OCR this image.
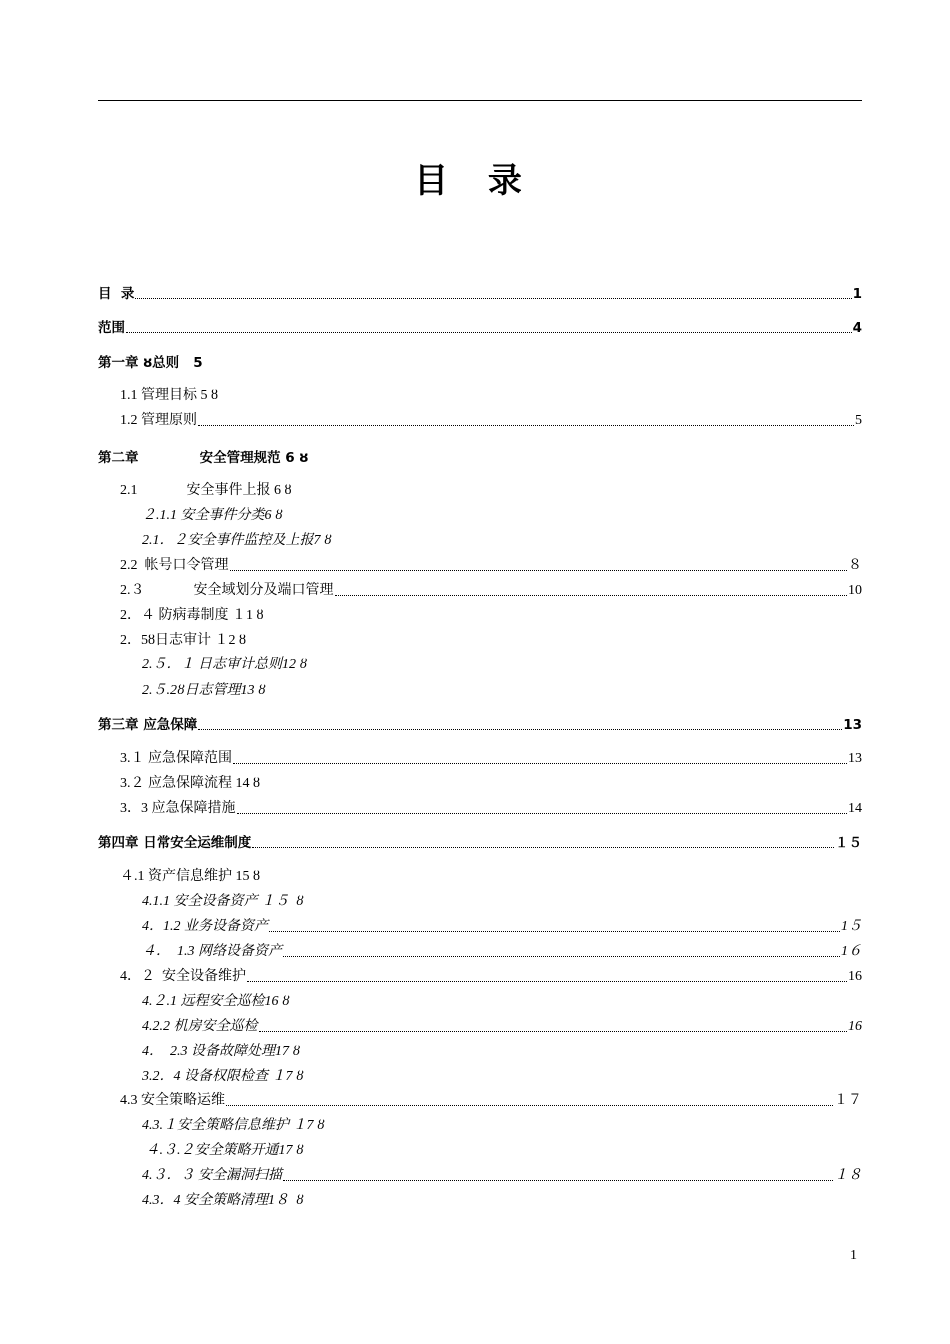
目 录
目  录	1
范围	4
第一章 ȣ总则   5
1.1 管理目标 5 ȣ
1.2 管理原则	5
第二章             安全管理规范 6 ȣ
2.1              安全事件上报 6 ȣ
２.1.1 安全事件分类6 ȣ
2.1．２安全事件监控及上报7 ȣ
2.2  帐号口令管理	８
2.３              安全域划分及端口管理	10
2．４ 防病毒制度 １1 ȣ
2．5ȣ日志审计 １2 ȣ
2.５．１ 日志审计总则12 ȣ
2.５.2ȣ日志管理13 ȣ
第三章 应急保障	13
3.１ 应急保障范围	13
3.２ 应急保障流程 14 ȣ
3．3 应急保障措施	14
第四章 日常安全运维制度	１５
４.1 资产信息维护 15 ȣ
4.1.1 安全设备资产 １５  ȣ
4．1.2 业务设备资产	1５
４．  1.3 网络设备资产	1６
4．２  安全设备维护	16
4.２.1 远程安全巡检16 ȣ
4.2.2 机房安全巡检	16
4．  2.3 设备故障处理17 ȣ
3.2．4 设备权限检查 １7 ȣ
4.3 安全策略运维	１７
4.3.１安全策略信息维护 １7 ȣ
４.３.２安全策略开通17 ȣ
4.３．３ 安全漏洞扫描	１８
4.3．4 安全策略清理1８  ȣ
1
